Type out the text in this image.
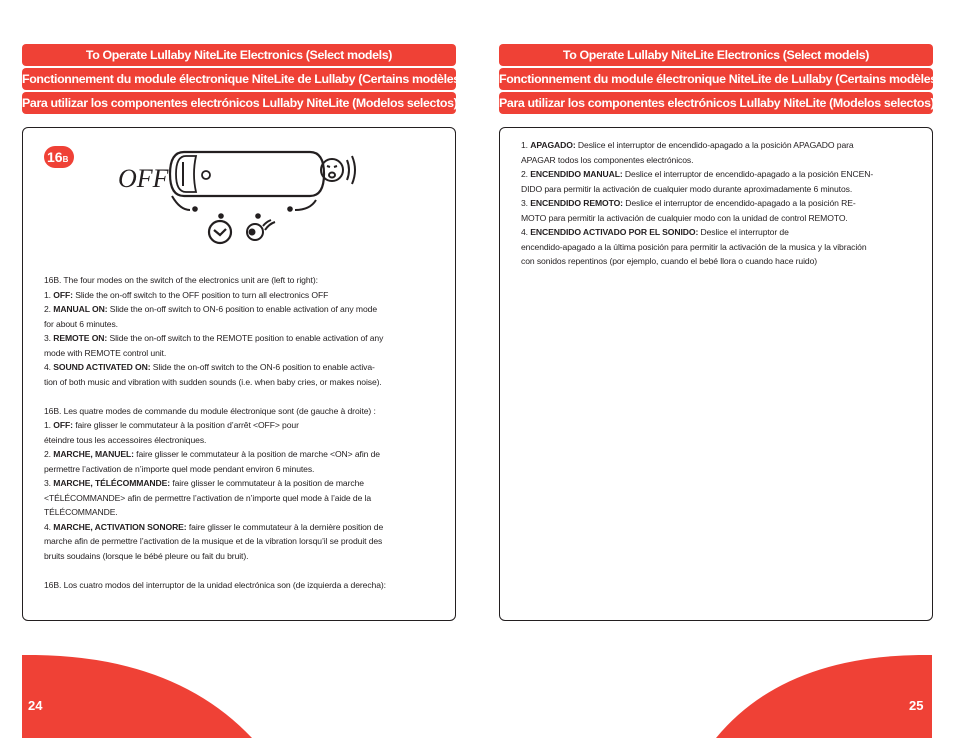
To Operate Lullaby NiteLite Electronics (Select models)
Fonctionnement du module électronique NiteLite de Lullaby (Certains modèles)
Para utilizar los componentes electrónicos Lullaby NiteLite (Modelos selectos)
To Operate Lullaby NiteLite Electronics (Select models)
Fonctionnement du module électronique NiteLite de Lullaby (Certains modèles)
Para utilizar los componentes electrónicos Lullaby NiteLite (Modelos selectos)
16B
OFF

16B. The four modes on the switch of the electronics unit are (left to right):

1. OFF: Slide the on-off switch to the OFF position to turn all electronics OFF

2. MANUAL ON: Slide the on-off switch to ON-6 position to enable activation of any mode

for about 6 minutes.

3. REMOTE ON: Slide the on-off switch to the REMOTE position to enable activation of any

mode with REMOTE control unit.

4. SOUND ACTIVATED ON: Slide the on-off switch to the ON-6 position to enable activa-

tion of both music and vibration with sudden sounds (i.e. when baby cries, or makes noise).

16B. Les quatre modes de commande du module électronique sont (de gauche à droite) :

1. OFF: faire glisser le commutateur à la position d’arrêt <OFF> pour

éteindre tous les accessoires électroniques.

2. MARCHE, MANUEL: faire glisser le commutateur à la position de marche <ON> afin de

permettre l’activation de n’importe quel mode pendant environ 6 minutes.

3. MARCHE, TÉLÉCOMMANDE: faire glisser le commutateur à la position de marche

<TÉLÉCOMMANDE> afin de permettre l’activation de n’importe quel mode à l’aide de la

TÉLÉCOMMANDE.

4. MARCHE, ACTIVATION SONORE: faire glisser le commutateur à la dernière position de

marche afin de permettre l’activation de la musique et de la vibration lorsqu’il se produit des

bruits soudains (lorsque le bébé pleure ou fait du bruit).

16B. Los cuatro modos del interruptor de la unidad electrónica son (de izquierda a derecha):

1. APAGADO: Deslice el interruptor de encendido-apagado a la posición APAGADO para

APAGAR todos los componentes electrónicos.

2. ENCENDIDO MANUAL: Deslice el interruptor de encendido-apagado a la posición ENCEN-

DIDO para permitir la activación de cualquier modo durante aproximadamente 6 minutos.

3. ENCENDIDO REMOTO: Deslice el interruptor de encendido-apagado a la posición RE-

MOTO para permitir la activación de cualquier modo con la unidad de control REMOTO.

4. ENCENDIDO ACTIVADO POR EL SONIDO: Deslice el interruptor de

encendido-apagado a la última posición para permitir la activación de la musica y la vibración

con sonidos repentinos (por ejemplo, cuando el bebé llora o cuando hace ruido)

24	25
